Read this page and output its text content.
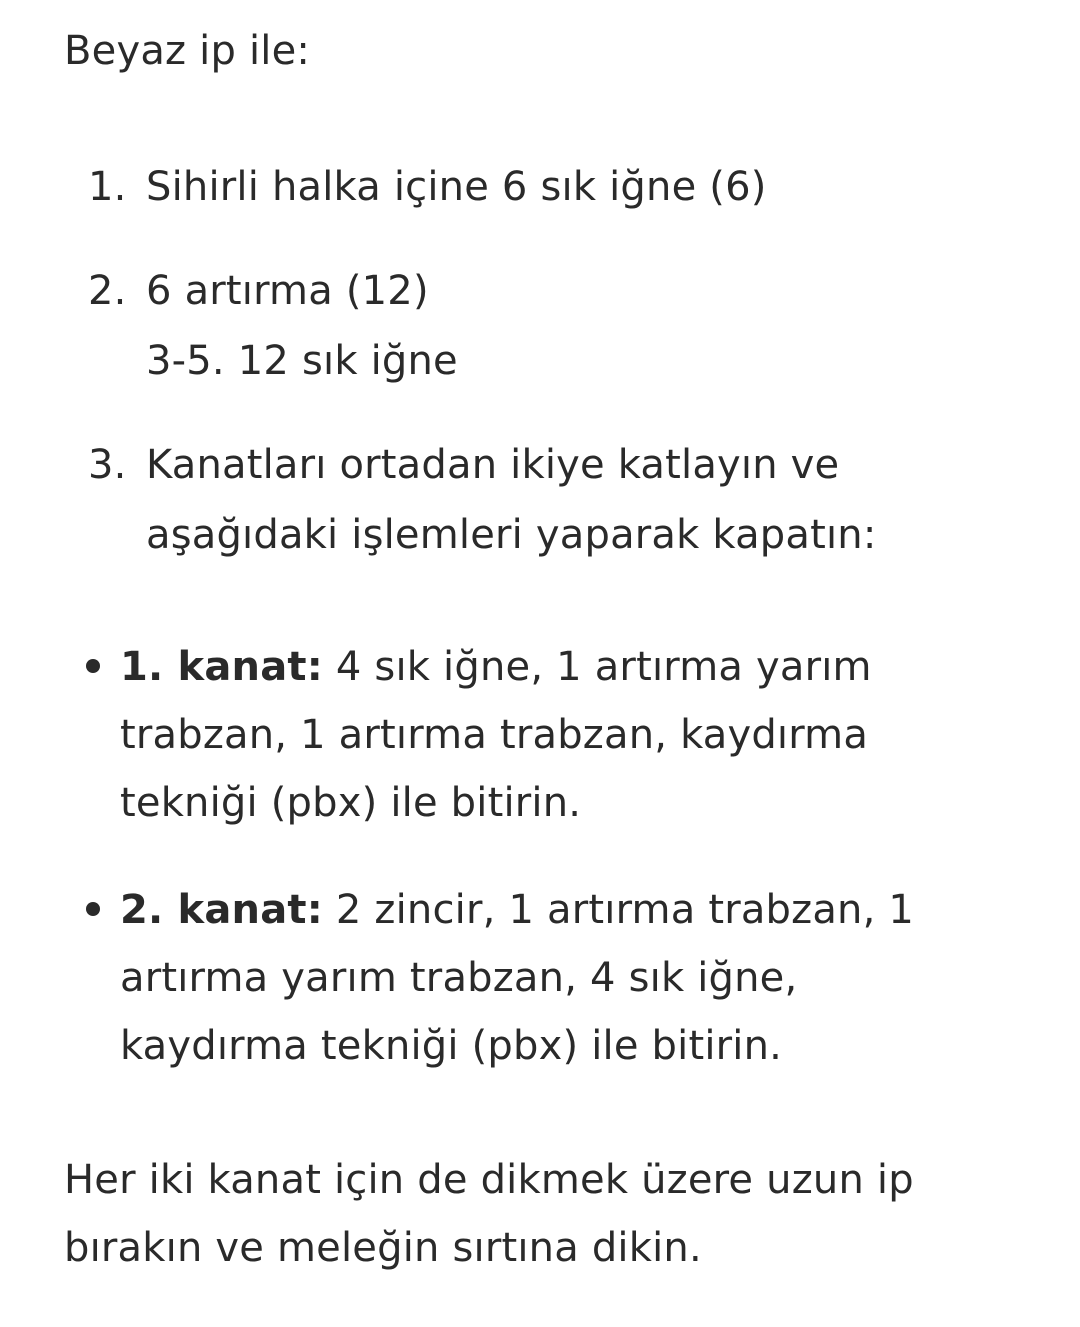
Beyaz ip ile:
1. Sihirli halka içine 6 sık iğne (6)
2. 6 artırma (12)
3-5. 12 sık iğne
3. Kanatları ortadan ikiye katlayın ve
aşağıdaki işlemleri yaparak kapatın:
1. kanat: 4 sık iğne, 1 artırma yarım
trabzan, 1 artırma trabzan, kaydırma
tekniği (pbx) ile bitirin.
2. kanat: 2 zincir, 1 artırma trabzan, 1
artırma yarım trabzan, 4 sık iğne,
kaydırma tekniği (pbx) ile bitirin.
Her iki kanat için de dikmek üzere uzun ip
bırakın ve meleğin sırtına dikin.
